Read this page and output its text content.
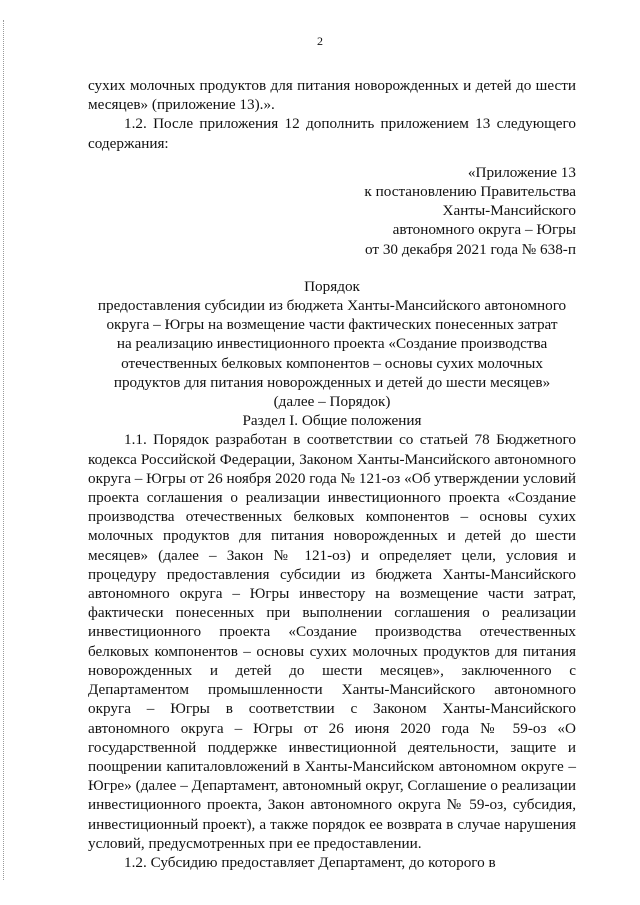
2

сухих молочных продуктов для питания новорожденных и детей до шести месяцев» (приложение 13).».

1.2. После приложения 12 дополнить приложением 13 следующего содержания:

«Приложение 13
к постановлению Правительства
Ханты-Мансийского
автономного округа – Югры
от 30 декабря 2021 года № 638-п
Порядок
предоставления субсидии из бюджета Ханты-Мансийского автономного
округа – Югры на возмещение части фактических понесенных затрат
на реализацию инвестиционного проекта «Создание производства
отечественных белковых компонентов – основы сухих молочных
продуктов для питания новорожденных и детей до шести месяцев»
(далее – Порядок)

Раздел I. Общие положения

1.1. Порядок разработан в соответствии со статьей 78 Бюджетного кодекса Российской Федерации, Законом Ханты-Мансийского автономного округа – Югры от 26 ноября 2020 года № 121-оз «Об утверждении условий проекта соглашения о реализации инвестиционного проекта «Создание производства отечественных белковых компонентов – основы сухих молочных продуктов для питания новорожденных и детей до шести месяцев» (далее – Закон № 121-оз) и определяет цели, условия и процедуру предоставления субсидии из бюджета Ханты-Мансийского автономного округа – Югры инвестору на возмещение части затрат, фактически понесенных при выполнении соглашения о реализации инвестиционного проекта «Создание производства отечественных белковых компонентов – основы сухих молочных продуктов для питания новорожденных и детей до шести месяцев», заключенного с Департаментом промышленности Ханты-Мансийского автономного округа – Югры в соответствии с Законом Ханты-Мансийского автономного округа – Югры от 26 июня 2020 года № 59-оз «О государственной поддержке инвестиционной деятельности, защите и поощрении капиталовложений в Ханты-Мансийском автономном округе – Югре» (далее – Департамент, автономный округ, Соглашение о реализации инвестиционного проекта, Закон автономного округа № 59-оз, субсидия, инвестиционный проект), а также порядок ее возврата в случае нарушения условий, предусмотренных при ее предоставлении.

1.2. Субсидию предоставляет Департамент, до которого в
